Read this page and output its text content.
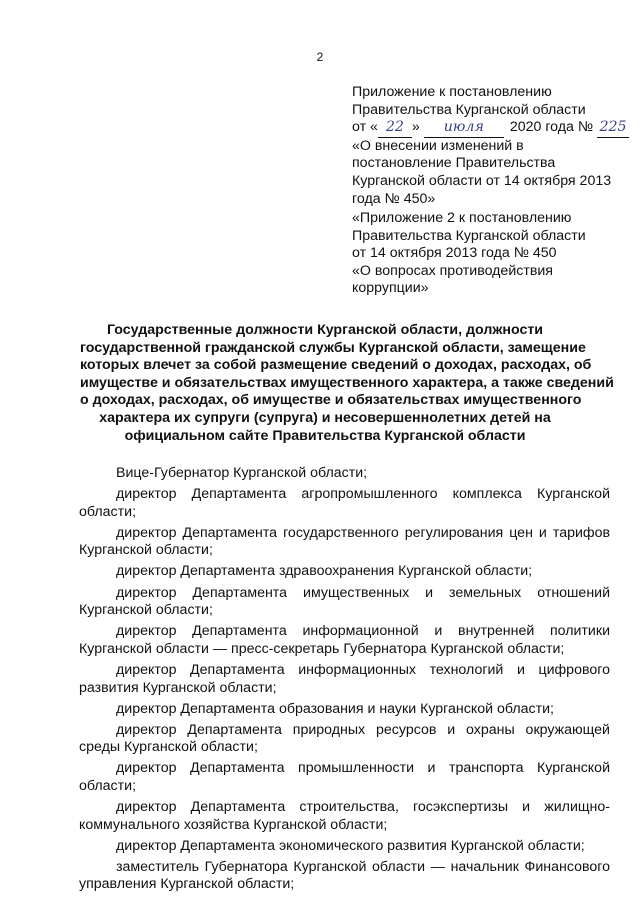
2
Приложение к постановлению
Правительства Курганской области
от « 22 » июля 2020 года № 225
«О внесении изменений в
постановление Правительства
Курганской области от 14 октября 2013
года № 450»
«Приложение 2 к постановлению
Правительства Курганской области
от 14 октября 2013 года № 450
«О вопросах противодействия
коррупции»
Государственные должности Курганской области, должности
государственной гражданской службы Курганской области, замещение
которых влечет за собой размещение сведений о доходах, расходах, об
имуществе и обязательствах имущественного характера, а также сведений
о доходах, расходах, об имуществе и обязательствах имущественного
характера их супруги (супруга) и несовершеннолетних детей на
официальном сайте Правительства Курганской области
Вице-Губернатор Курганской области;
директор Департамента агропромышленного комплекса Курганской области;
директор Департамента государственного регулирования цен и тарифов Курганской области;
директор Департамента здравоохранения Курганской области;
директор Департамента имущественных и земельных отношений Курганской области;
директор Департамента информационной и внутренней политики Курганской области — пресс-секретарь Губернатора Курганской области;
директор Департамента информационных технологий и цифрового развития Курганской области;
директор Департамента образования и науки Курганской области;
директор Департамента природных ресурсов и охраны окружающей среды Курганской области;
директор Департамента промышленности и транспорта Курганской области;
директор Департамента строительства, госэкспертизы и жилищно-коммунального хозяйства Курганской области;
директор Департамента экономического развития Курганской области;
заместитель Губернатора Курганской области — начальник Финансового управления Курганской области;
